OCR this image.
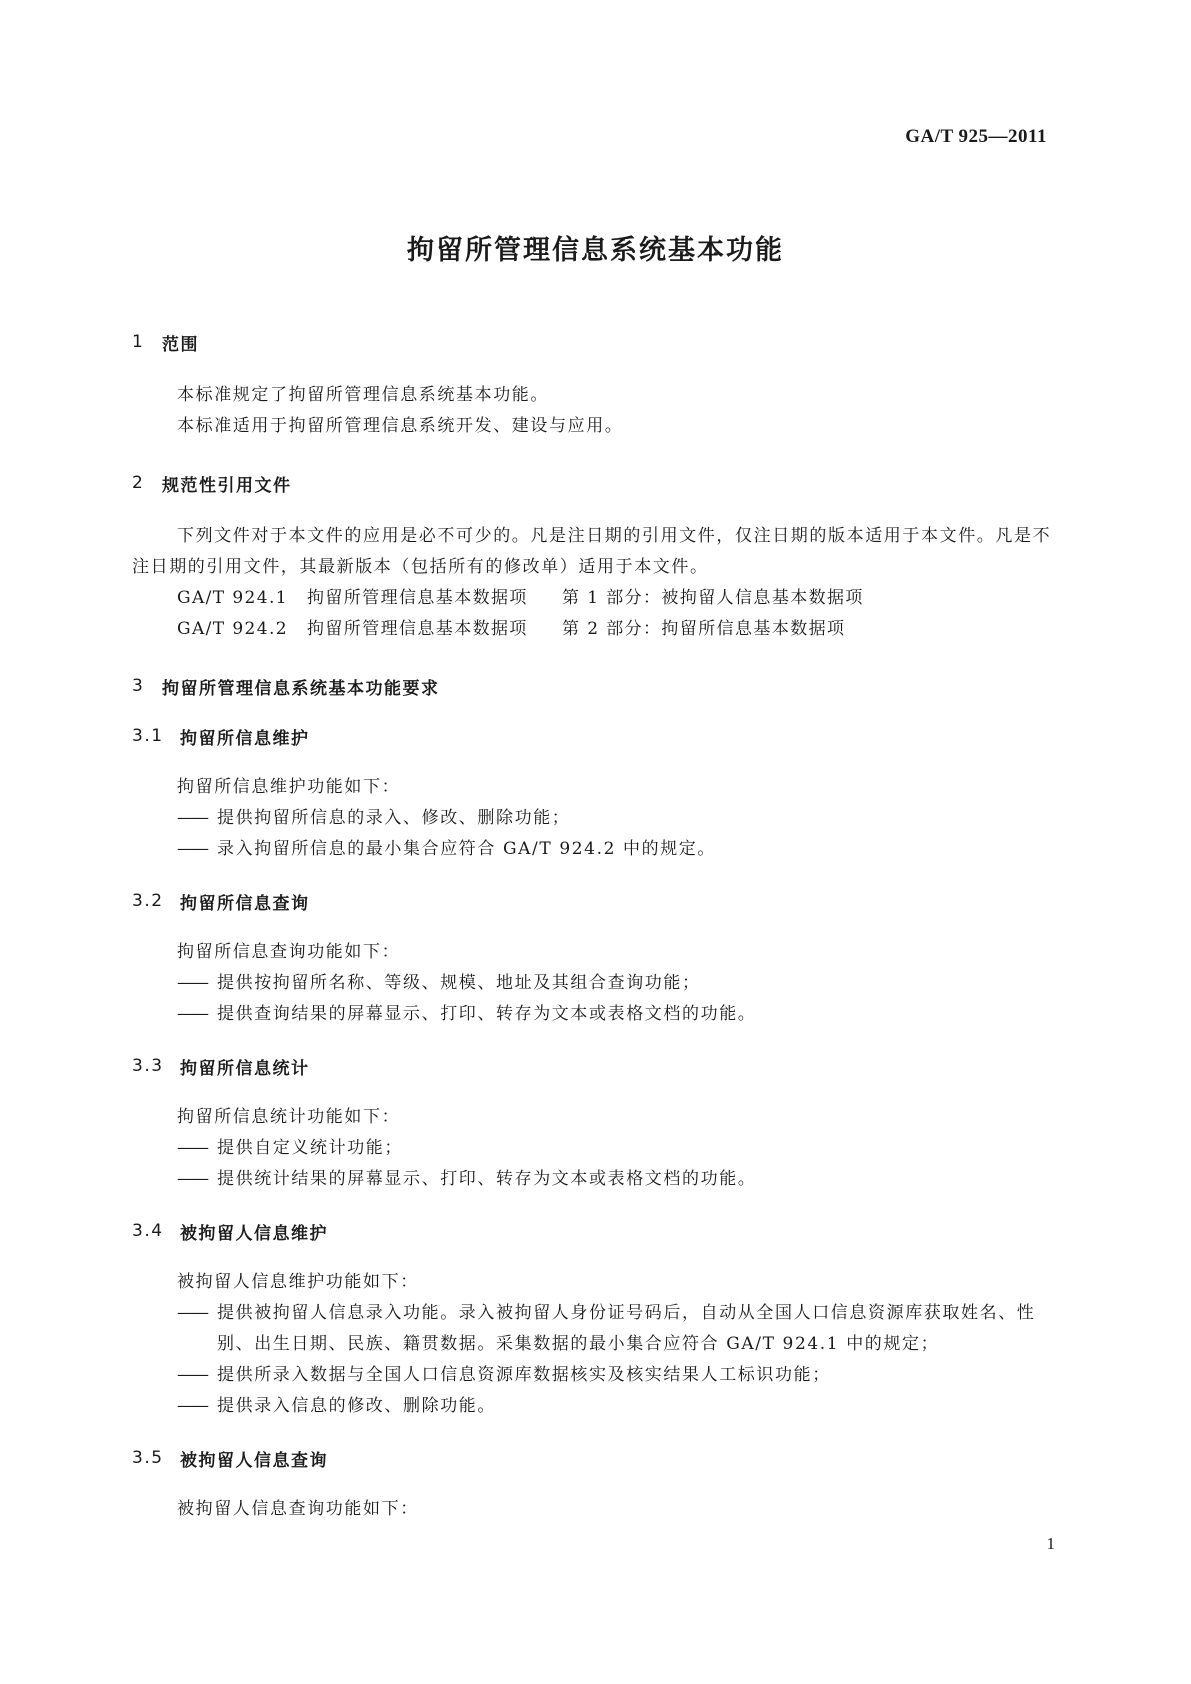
GA/T 925—2011
拘留所管理信息系统基本功能
1	范围
本标准规定了拘留所管理信息系统基本功能。
本标准适用于拘留所管理信息系统开发、建设与应用。
2	规范性引用文件
下列文件对于本文件的应用是必不可少的。凡是注日期的引用文件，仅注日期的版本适用于本文件。凡是不注日期的引用文件，其最新版本（包括所有的修改单）适用于本文件。
GA/T 924.1 拘留所管理信息基本数据项 第 1 部分：被拘留人信息基本数据项
GA/T 924.2 拘留所管理信息基本数据项 第 2 部分：拘留所信息基本数据项
3	拘留所管理信息系统基本功能要求
3.1 拘留所信息维护
拘留所信息维护功能如下：
—— 提供拘留所信息的录入、修改、删除功能；
—— 录入拘留所信息的最小集合应符合 GA/T 924.2 中的规定。
3.2 拘留所信息查询
拘留所信息查询功能如下：
—— 提供按拘留所名称、等级、规模、地址及其组合查询功能；
—— 提供查询结果的屏幕显示、打印、转存为文本或表格文档的功能。
3.3 拘留所信息统计
拘留所信息统计功能如下：
—— 提供自定义统计功能；
—— 提供统计结果的屏幕显示、打印、转存为文本或表格文档的功能。
3.4 被拘留人信息维护
被拘留人信息维护功能如下：
—— 提供被拘留人信息录入功能。录入被拘留人身份证号码后，自动从全国人口信息资源库获取姓名、性别、出生日期、民族、籍贯数据。采集数据的最小集合应符合 GA/T 924.1 中的规定；
—— 提供所录入数据与全国人口信息资源库数据核实及核实结果人工标识功能；
—— 提供录入信息的修改、删除功能。
3.5 被拘留人信息查询
被拘留人信息查询功能如下：
1
